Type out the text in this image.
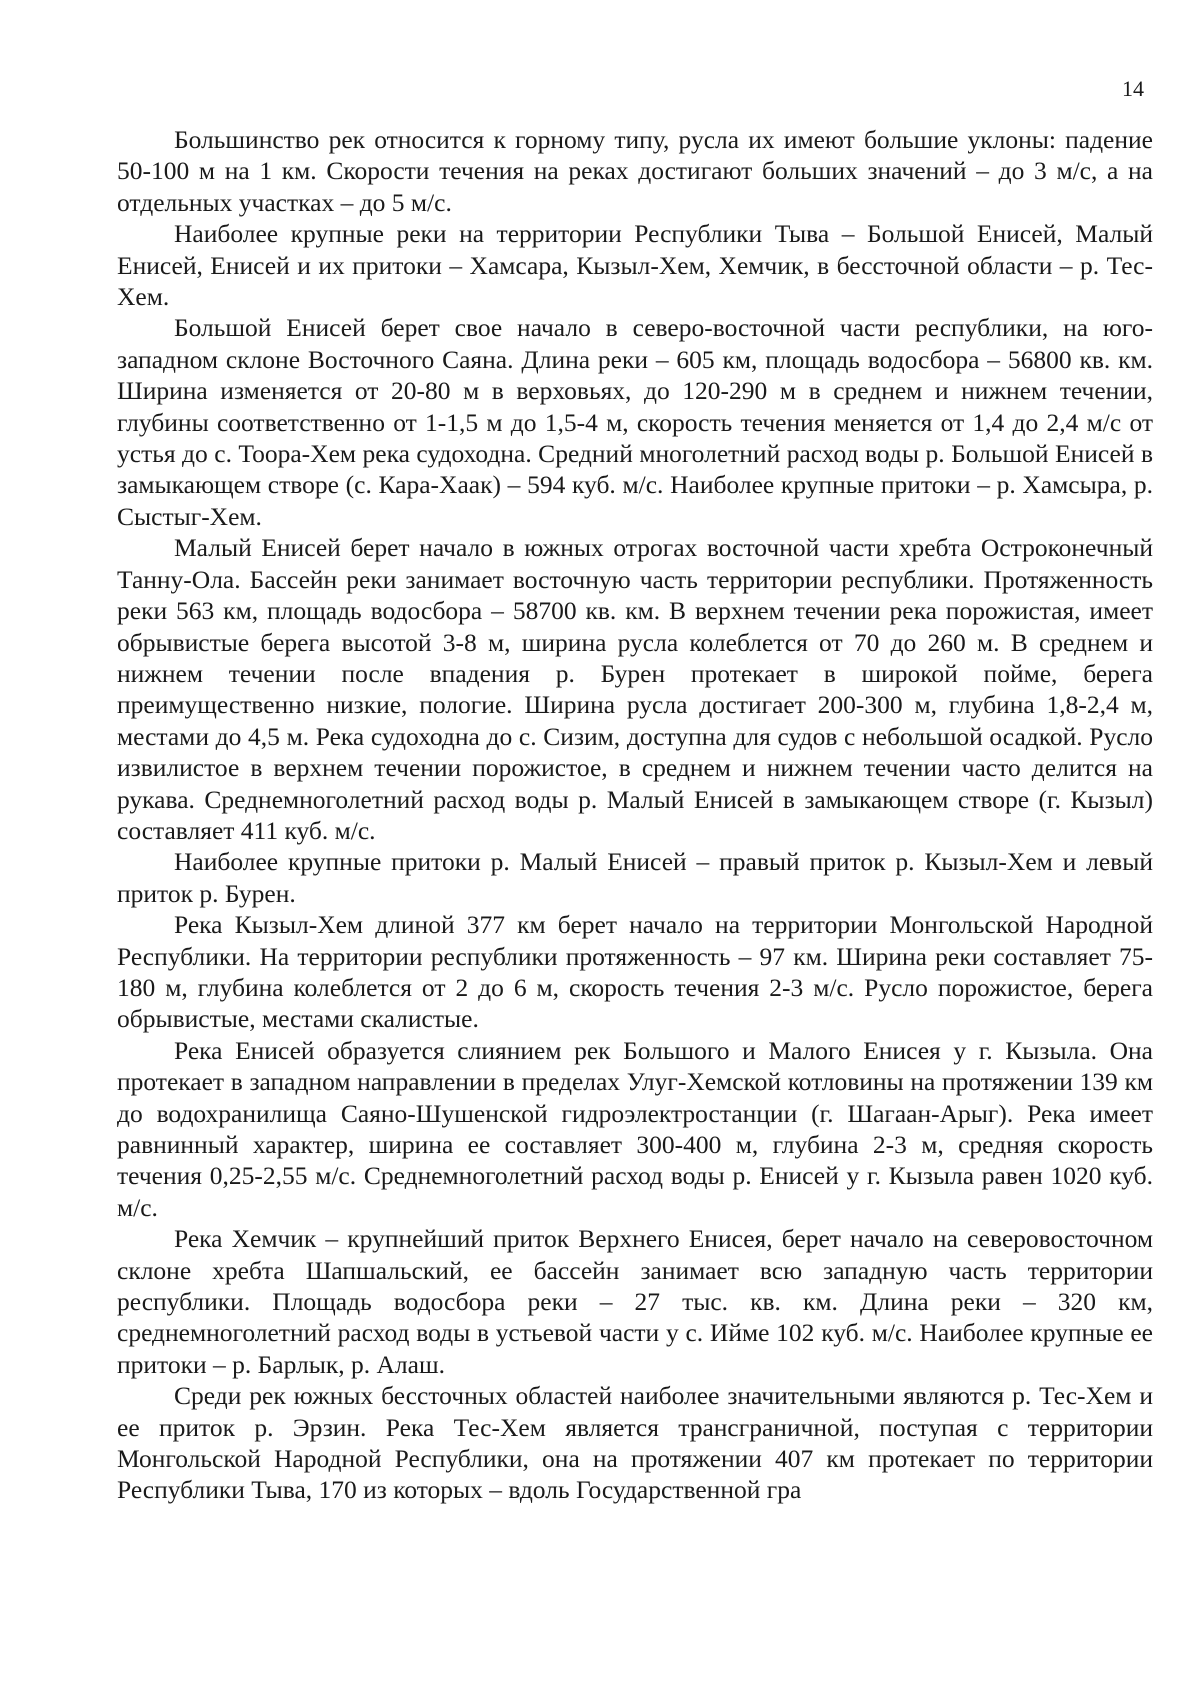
14

Большинство рек относится к горному типу, русла их имеют большие уклоны: падение 50-100 м на 1 км. Скорости течения на реках достигают больших значений – до 3 м/с, а на отдельных участках – до 5 м/с.

Наиболее крупные реки на территории Республики Тыва – Большой Енисей, Малый Енисей, Енисей и их притоки – Хамсара, Кызыл-Хем, Хемчик, в бессточной области – р. Тес-Хем.

Большой Енисей берет свое начало в северо-восточной части республики, на юго-западном склоне Восточного Саяна. Длина реки – 605 км, площадь водосбора – 56800 кв. км. Ширина изменяется от 20-80 м в верховьях, до 120-290 м в среднем и нижнем течении, глубины соответственно от 1-1,5 м до 1,5-4 м, скорость течения меняется от 1,4 до 2,4 м/с от устья до с. Тоора-Хем река судоходна. Средний многолетний расход воды р. Большой Енисей в замыкающем створе (с. Кара-Хаак) – 594 куб. м/с. Наиболее крупные притоки – р. Хамсыра, р. Сыстыг-Хем.

Малый Енисей берет начало в южных отрогах восточной части хребта Остроконечный Танну-Ола. Бассейн реки занимает восточную часть территории республики. Протяженность реки 563 км, площадь водосбора – 58700 кв. км. В верхнем течении река порожистая, имеет обрывистые берега высотой 3-8 м, ширина русла колеблется от 70 до 260 м. В среднем и нижнем течении после впадения р. Бурен протекает в широкой пойме, берега преимущественно низкие, пологие. Ширина русла достигает 200-300 м, глубина 1,8-2,4 м, местами до 4,5 м. Река судоходна до с. Сизим, доступна для судов с небольшой осадкой. Русло извилистое в верхнем течении порожистое, в среднем и нижнем течении часто делится на рукава. Среднемноголетний расход воды р. Малый Енисей в замыкающем створе (г. Кызыл) составляет 411 куб. м/с.

Наиболее крупные притоки р. Малый Енисей – правый приток р. Кызыл-Хем и левый приток р. Бурен.

Река Кызыл-Хем длиной 377 км берет начало на территории Монгольской Народной Республики. На территории республики протяженность – 97 км. Ширина реки составляет 75-180 м, глубина колеблется от 2 до 6 м, скорость течения 2-3 м/с. Русло порожистое, берега обрывистые, местами скалистые.

Река Енисей образуется слиянием рек Большого и Малого Енисея у г. Кызыла. Она протекает в западном направлении в пределах Улуг-Хемской котловины на протяжении 139 км до водохранилища Саяно-Шушенской гидроэлектростанции (г. Шагаан-Арыг). Река имеет равнинный характер, ширина ее составляет 300-400 м, глубина 2-3 м, средняя скорость течения 0,25-2,55 м/с. Среднемноголетний расход воды р. Енисей у г. Кызыла равен 1020 куб. м/с.

Река Хемчик – крупнейший приток Верхнего Енисея, берет начало на северовосточном склоне хребта Шапшальский, ее бассейн занимает всю западную часть территории республики. Площадь водосбора реки – 27 тыс. кв. км. Длина реки – 320 км, среднемноголетний расход воды в устьевой части у с. Ийме 102 куб. м/с. Наиболее крупные ее притоки – р. Барлык, р. Алаш.

Среди рек южных бессточных областей наиболее значительными являются р. Тес-Хем и ее приток р. Эрзин. Река Тес-Хем является трансграничной, поступая с территории Монгольской Народной Республики, она на протяжении 407 км протекает по территории Республики Тыва, 170 из которых – вдоль Государственной гра
